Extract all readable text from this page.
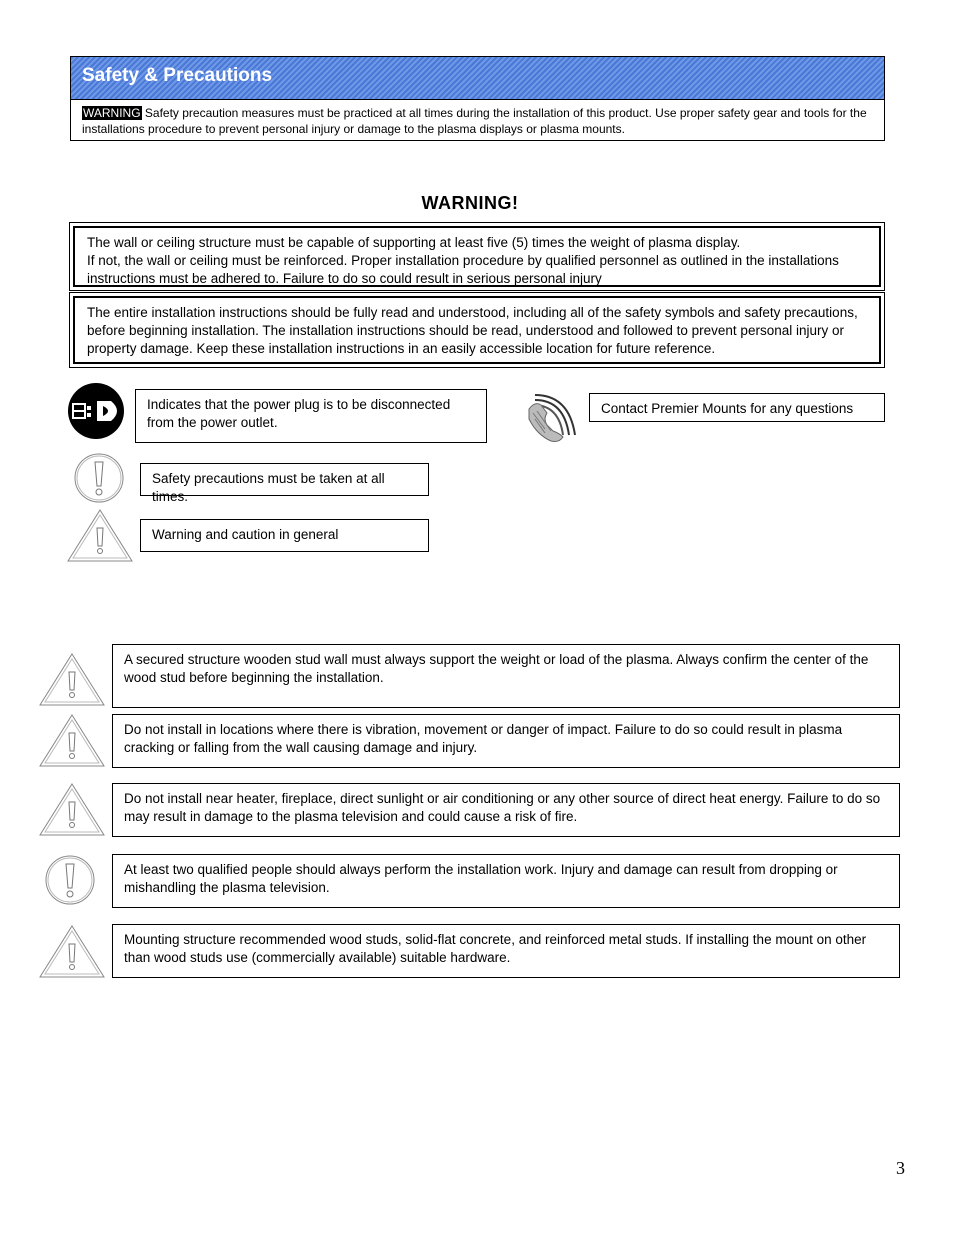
Safety & Precautions
WARNING Safety precaution measures must be practiced at all times during the installation of this product. Use proper safety gear and tools for the installations procedure to prevent personal injury or damage to the plasma displays or plasma mounts.
WARNING!
The wall or ceiling structure must be capable of supporting at least five (5) times the weight of plasma display.
If not, the wall or ceiling must be reinforced. Proper installation procedure by qualified personnel as outlined in the installations instructions must be adhered to. Failure to do so could result in serious personal injury
The entire installation instructions should be fully read and understood, including all of the safety symbols and safety precautions, before beginning installation. The installation instructions should be read, understood and followed to prevent personal injury or property damage. Keep these installation instructions in an easily accessible location for future reference.
Indicates that the power plug is to be disconnected from the power outlet.
Contact Premier Mounts for any questions
Safety precautions must be taken at all times.
Warning and caution in general
A secured structure wooden stud wall must always support the weight or load of the plasma. Always confirm the center of the wood stud before beginning the installation.
Do not install in locations where there is vibration, movement or danger of impact. Failure to do so could result in plasma cracking or falling from the wall causing damage and injury.
Do not install near heater, fireplace, direct sunlight or air conditioning or any other source of direct heat energy. Failure to do so may result in damage to the plasma television and could cause a risk of fire.
At least two qualified people should always perform the installation work. Injury and damage can result from dropping or mishandling the plasma television.
Mounting structure recommended wood studs, solid-flat concrete, and reinforced metal studs. If installing the mount on other than wood studs use (commercially available) suitable hardware.
3
